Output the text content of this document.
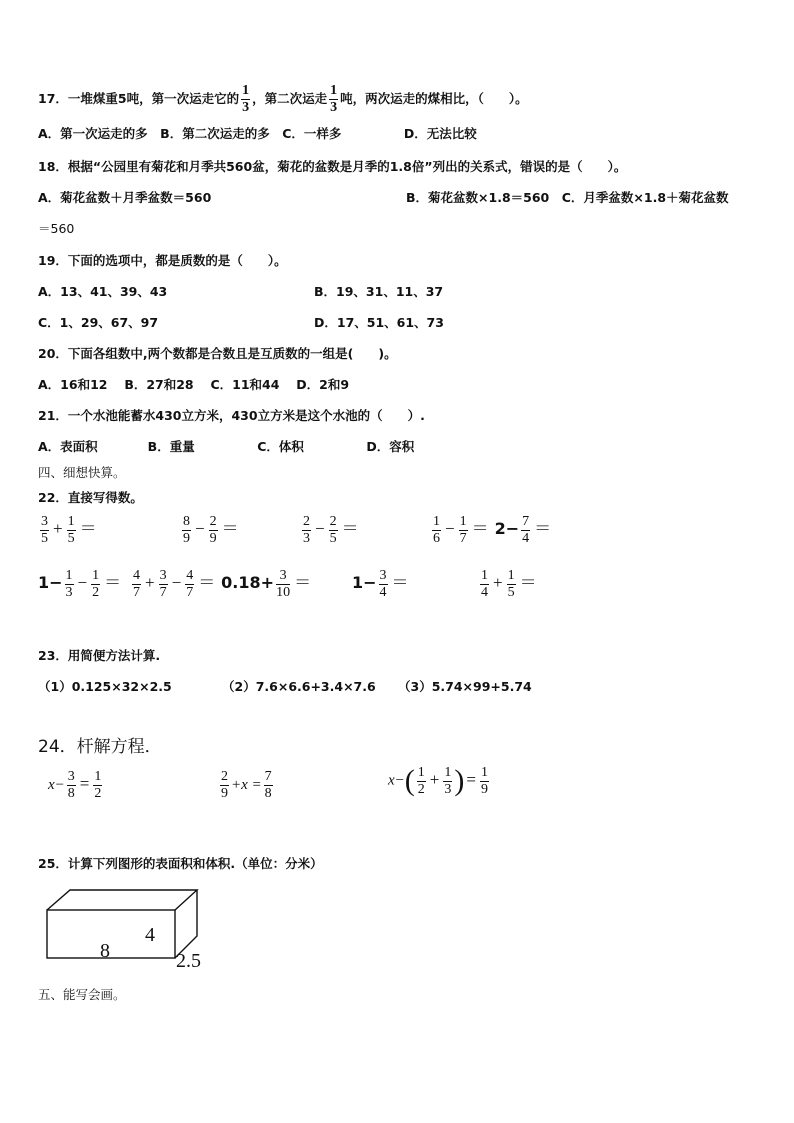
17．一堆煤重5吨，第一次运走它的 $\frac{1}{3}$ ，第二次运走 $\frac{1}{3}$ 吨，两次运走的煤相比，（　　）。
A．第一次运走的多　B．第二次运走的多　C．一样多　　　　　D．无法比较
18．根据“公园里有菊花和月季共560盆，菊花的盆数是月季的1.8倍”列出的关系式，错误的是（　　）。
A．菊花盆数＋月季盆数＝560	B．菊花盆数×1.8＝560　C．月季盆数×1.8＋菊花盆数
＝560
19．下面的选项中，都是质数的是（　　）。
A．13、41、39、43	B．19、31、11、37
C．1、29、67、97	D．17、51、61、73
20．下面各组数中,两个数都是合数且是互质数的一组是(　　)。
A．16和12　 B．27和28　 C．11和44　 D．2和9
21．一个水池能蓄水430立方米，430立方米是这个水池的（　　）.
A．表面积　　　　B．重量　　　　　C．体积　　　　　D．容积
四、细想快算。
22．直接写得数。
$\frac{3}{5} + \frac{1}{5}$ ＝	$\frac{8}{9} - \frac{2}{9}$ ＝	$\frac{2}{3} - \frac{2}{5}$ ＝	$\frac{1}{6} - \frac{1}{7} = 2- \frac{7}{4}$ ＝
$1- \frac{1}{3} - \frac{1}{2} = \frac{4}{7} + \frac{3}{7} - \frac{4}{7} = 0.18+ \frac{3}{10}$ ＝	$1- \frac{3}{4}$ ＝	$\frac{1}{4} + \frac{1}{5}$ ＝
23．用简便方法计算.
（1）0.125×32×2.5	（2）7.6×6.6+3.4×7.6 （3）5.74×99+5.74
24．杆解方程．
$x- \frac{3}{8} = \frac{1}{2}$	$\frac{2}{9} +x = \frac{7}{8}$	$x-( \frac{1}{2} + \frac{1}{3}$ ) = $\frac{1}{9}$
25．计算下列图形的表面积和体积.（单位：分米）
8
4
2.5
五、能写会画。
